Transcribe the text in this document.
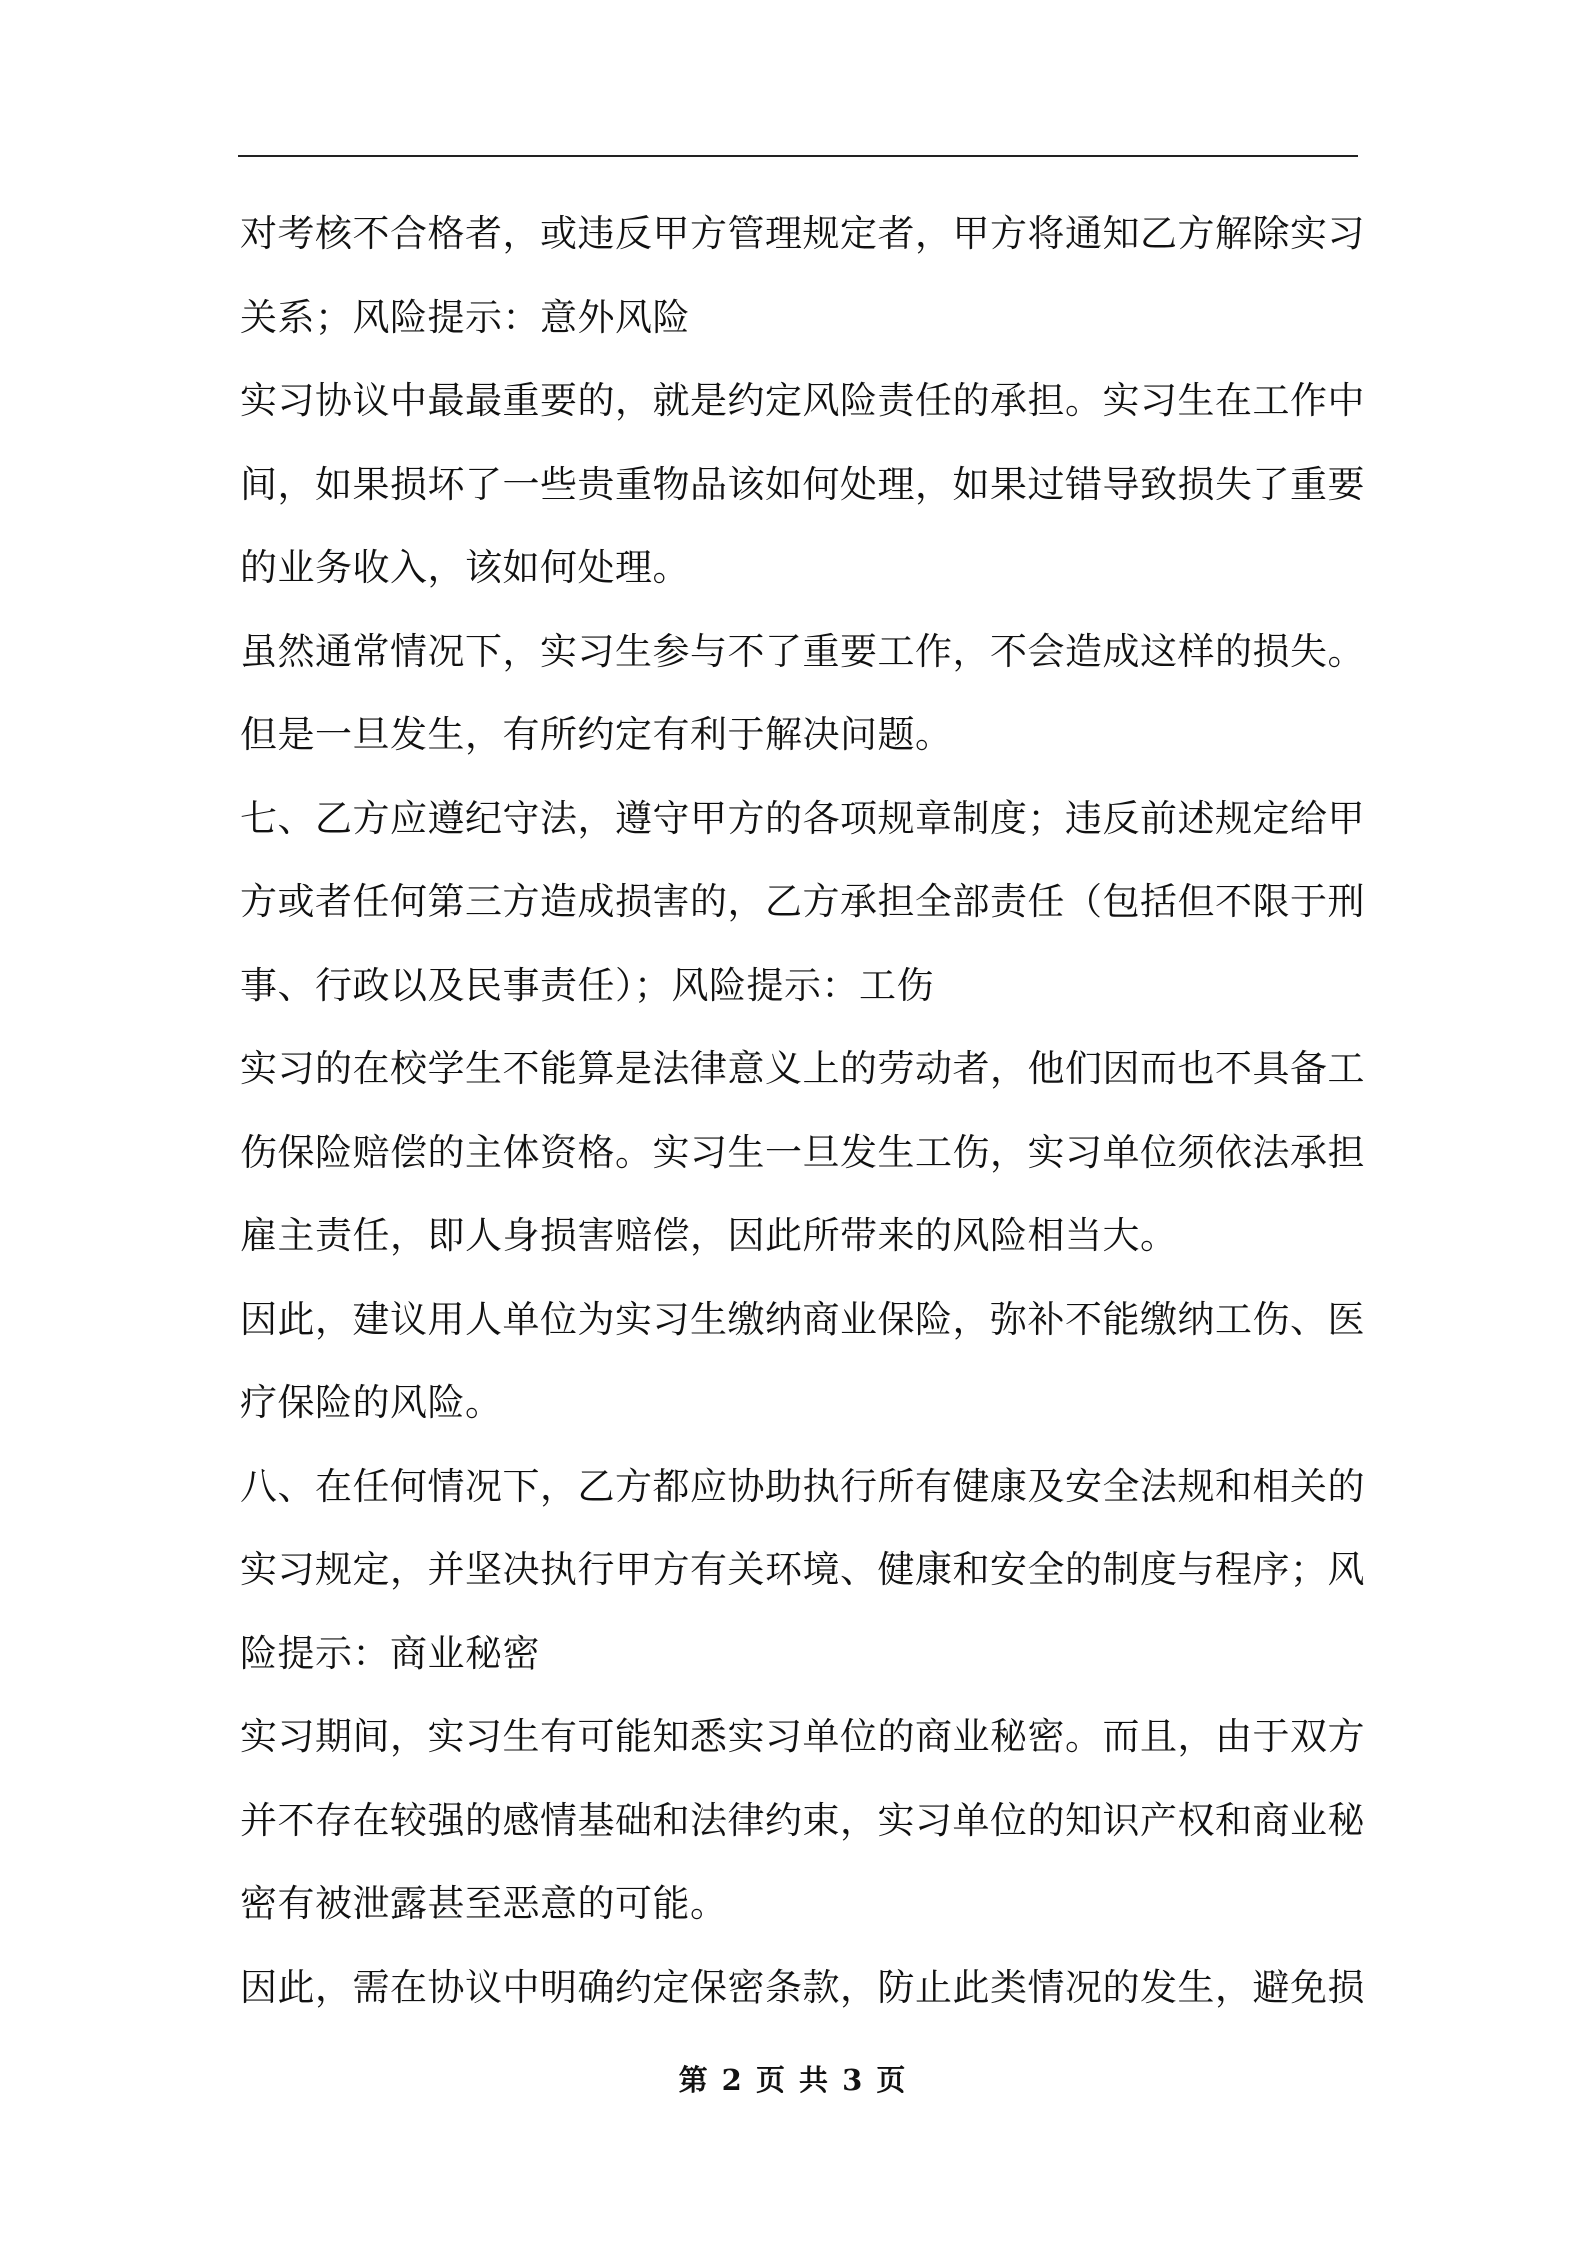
对考核不合格者，或违反甲方管理规定者，甲方将通知乙方解除实习

关系；风险提示：意外风险

实习协议中最最重要的，就是约定风险责任的承担。实习生在工作中

间，如果损坏了一些贵重物品该如何处理，如果过错导致损失了重要

的业务收入，该如何处理。

虽然通常情况下，实习生参与不了重要工作，不会造成这样的损失。

但是一旦发生，有所约定有利于解决问题。

七、乙方应遵纪守法，遵守甲方的各项规章制度；违反前述规定给甲

方或者任何第三方造成损害的，乙方承担全部责任（包括但不限于刑

事、行政以及民事责任）；风险提示：工伤

实习的在校学生不能算是法律意义上的劳动者，他们因而也不具备工

伤保险赔偿的主体资格。实习生一旦发生工伤，实习单位须依法承担

雇主责任，即人身损害赔偿，因此所带来的风险相当大。

因此，建议用人单位为实习生缴纳商业保险，弥补不能缴纳工伤、医

疗保险的风险。

八、在任何情况下，乙方都应协助执行所有健康及安全法规和相关的

实习规定，并坚决执行甲方有关环境、健康和安全的制度与程序；风

险提示：商业秘密

实习期间，实习生有可能知悉实习单位的商业秘密。而且，由于双方

并不存在较强的感情基础和法律约束，实习单位的知识产权和商业秘

密有被泄露甚至恶意的可能。

因此，需在协议中明确约定保密条款，防止此类情况的发生，避免损

第 2 页 共 3 页
